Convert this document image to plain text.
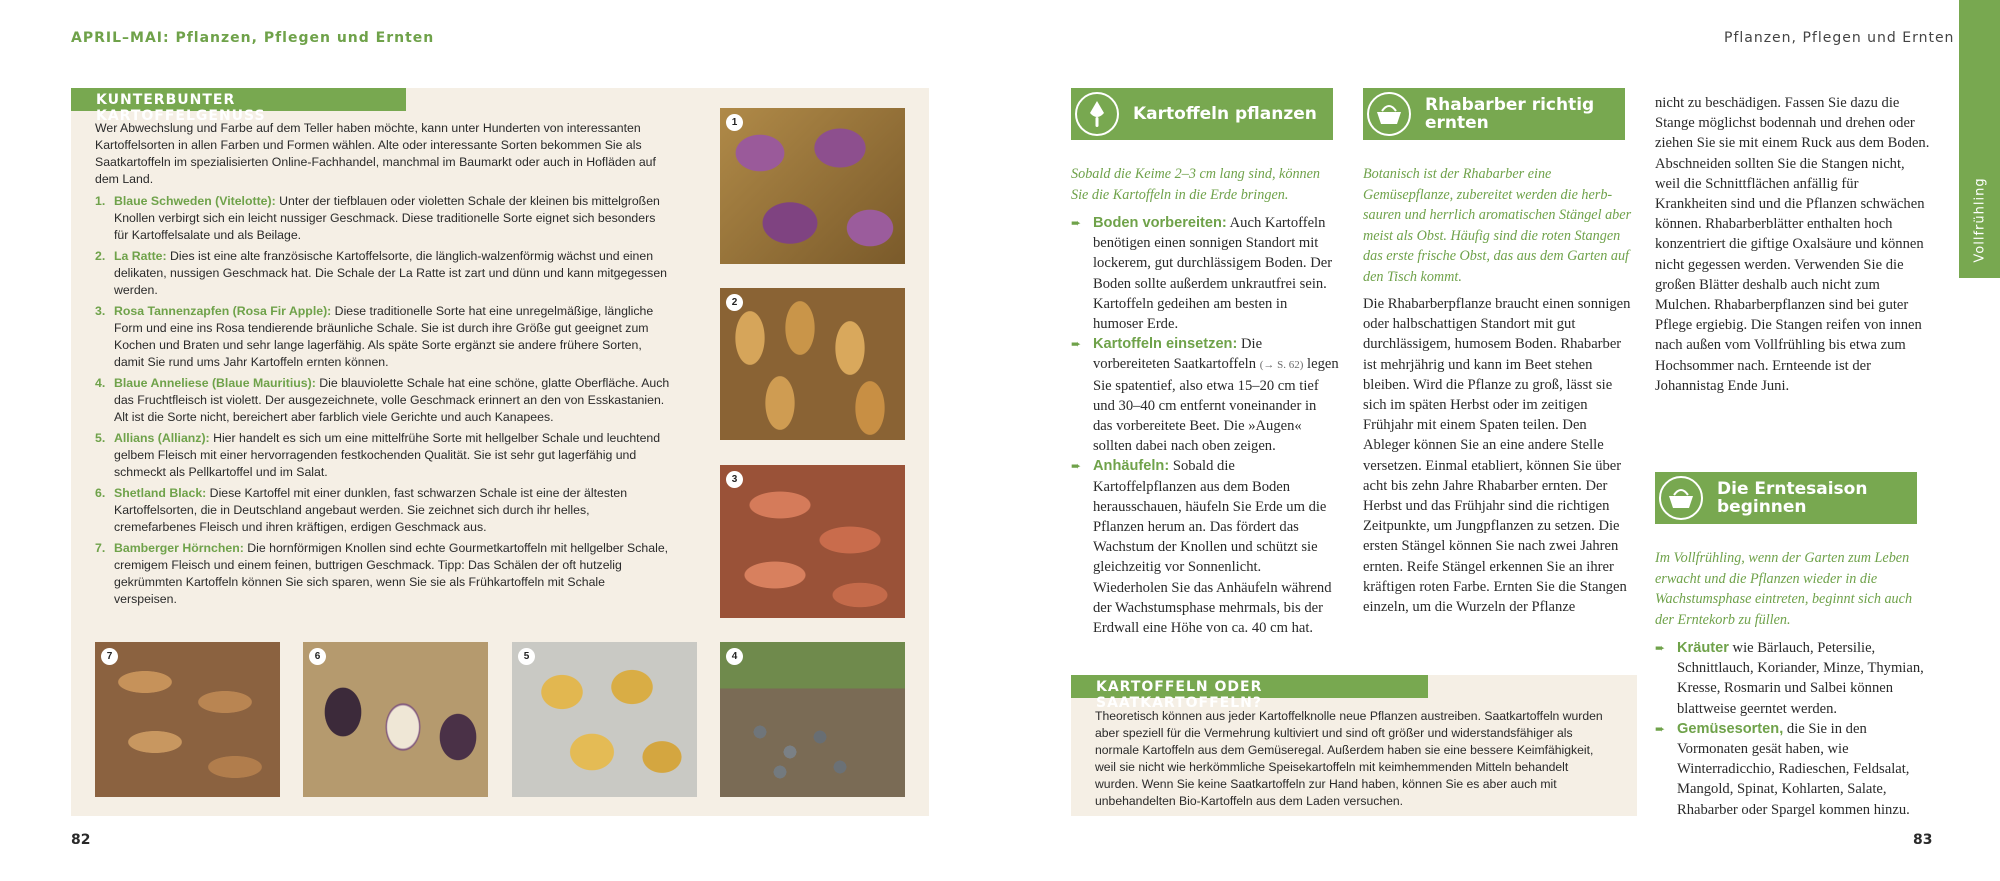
APRIL–MAI: Pflanzen, Pflegen und Ernten
KUNTERBUNTER KARTOFFELGENUSS

Wer Abwechslung und Farbe auf dem Teller haben möchte, kann unter Hunderten von interessanten Kartoffelsorten in allen Farben und Formen wählen. Alte oder interessante Sorten bekommen Sie als Saatkartoffeln im spezialisierten Online-Fachhandel, manchmal im Baumarkt oder auch in Hofläden auf dem Land.

1. Blaue Schweden (Vitelotte): Unter der tiefblauen oder violetten Schale der kleinen bis mittelgroßen Knollen verbirgt sich ein leicht nussiger Geschmack. Diese traditionelle Sorte eignet sich besonders für Kartoffelsalate und als Beilage.
2. La Ratte: Dies ist eine alte französische Kartoffelsorte, die länglich-walzenförmig wächst und einen delikaten, nussigen Geschmack hat. Die Schale der La Ratte ist zart und dünn und kann mitgegessen werden.
3. Rosa Tannenzapfen (Rosa Fir Apple): Diese traditionelle Sorte hat eine unregelmäßige, längliche Form und eine ins Rosa tendierende bräunliche Schale. Sie ist durch ihre Größe gut geeignet zum Kochen und Braten und sehr lange lagerfähig. Als späte Sorte ergänzt sie andere frühere Sorten, damit Sie rund ums Jahr Kartoffeln ernten können.
4. Blaue Anneliese (Blaue Mauritius): Die blauviolette Schale hat eine schöne, glatte Oberfläche. Auch das Fruchtfleisch ist violett. Der ausgezeichnete, volle Geschmack erinnert an den von Esskastanien. Alt ist die Sorte nicht, bereichert aber farblich viele Gerichte und auch Kanapees.
5. Allians (Allianz): Hier handelt es sich um eine mittelfrühe Sorte mit hellgelber Schale und leuchtend gelbem Fleisch mit einer hervorragenden festkochenden Qualität. Sie ist sehr gut lagerfähig und schmeckt als Pellkartoffel und im Salat.
6. Shetland Black: Diese Kartoffel mit einer dunklen, fast schwarzen Schale ist eine der ältesten Kartoffelsorten, die in Deutschland angebaut werden. Sie zeichnet sich durch ihr helles, cremefarbenes Fleisch und ihren kräftigen, erdigen Geschmack aus.
7. Bamberger Hörnchen: Die hornförmigen Knollen sind echte Gourmetkartoffeln mit hellgelber Schale, cremigem Fleisch und einem feinen, buttrigen Geschmack. Tipp: Das Schälen der oft hutzelig gekrümmten Kartoffeln können Sie sich sparen, wenn Sie sie als Frühkartoffeln mit Schale verspeisen.
1
2
3
4
5
6
7
82
Pflanzen, Pflegen und Ernten
Vollfrühling
Kartoffeln pflanzen

Sobald die Keime 2–3 cm lang sind, können Sie die Kartoffeln in die Erde bringen.

➨ Boden vorbereiten: Auch Kartoffeln benötigen einen sonnigen Standort mit lockerem, gut durchlässigem Boden. Der Boden sollte außerdem unkrautfrei sein. Kartoffeln gedeihen am besten in humoser Erde.

➨ Kartoffeln einsetzen: Die vorbereiteten Saatkartoffeln (→ S. 62) legen Sie spatentief, also etwa 15–20 cm tief und 30–40 cm entfernt voneinander in das vorbereitete Beet. Die »Augen« sollten dabei nach oben zeigen.

➨ Anhäufeln: Sobald die Kartoffelpflanzen aus dem Boden herausschauen, häufeln Sie Erde um die Pflanzen herum an. Das fördert das Wachstum der Knollen und schützt sie gleichzeitig vor Sonnenlicht. Wiederholen Sie das Anhäufeln während der Wachstumsphase mehrmals, bis der Erdwall eine Höhe von ca. 40 cm hat.

Rhabarber richtig ernten

Botanisch ist der Rhabarber eine Gemüsepflanze, zubereitet werden die herb-sauren und herrlich aromatischen Stängel aber meist als Obst. Häufig sind die roten Stangen das erste frische Obst, das aus dem Garten auf den Tisch kommt.

Die Rhabarberpflanze braucht einen sonnigen oder halbschattigen Standort mit gut durchlässigem, humosem Boden. Rhabarber ist mehrjährig und kann im Beet stehen bleiben. Wird die Pflanze zu groß, lässt sie sich im späten Herbst oder im zeitigen Frühjahr mit einem Spaten teilen. Den Ableger können Sie an eine andere Stelle versetzen. Einmal etabliert, können Sie über acht bis zehn Jahre Rhabarber ernten. Der Herbst und das Frühjahr sind die richtigen Zeitpunkte, um Jungpflanzen zu setzen. Die ersten Stängel können Sie nach zwei Jahren ernten. Reife Stängel erkennen Sie an ihrer kräftigen roten Farbe. Ernten Sie die Stangen einzeln, um die Wurzeln der Pflanze

nicht zu beschädigen. Fassen Sie dazu die Stange möglichst bodennah und drehen oder ziehen Sie sie mit einem Ruck aus dem Boden. Abschneiden sollten Sie die Stangen nicht, weil die Schnittflächen anfällig für Krankheiten sind und die Pflanzen schwächen können. Rhabarberblätter enthalten hoch konzentriert die giftige Oxalsäure und können nicht gegessen werden. Verwenden Sie die großen Blätter deshalb auch nicht zum Mulchen. Rhabarberpflanzen sind bei guter Pflege ergiebig. Die Stangen reifen von innen nach außen vom Vollfrühling bis etwa zum Hochsommer nach. Ernteende ist der Johannistag Ende Juni.

Die Erntesaison beginnen

Im Vollfrühling, wenn der Garten zum Leben erwacht und die Pflanzen wieder in die Wachstumsphase eintreten, beginnt sich auch der Erntekorb zu füllen.

➨ Kräuter wie Bärlauch, Petersilie, Schnittlauch, Koriander, Minze, Thymian, Kresse, Rosmarin und Salbei können blattweise geerntet werden.

➨ Gemüsesorten, die Sie in den Vormonaten gesät haben, wie Winterradicchio, Radieschen, Feldsalat, Mangold, Spinat, Kohlarten, Salate, Rhabarber oder Spargel kommen hinzu.

KARTOFFELN ODER SAATKARTOFFELN?

Theoretisch können aus jeder Kartoffelknolle neue Pflanzen austreiben. Saatkartoffeln wurden aber speziell für die Vermehrung kultiviert und sind oft größer und widerstandsfähiger als normale Kartoffeln aus dem Gemüseregal. Außerdem haben sie eine bessere Keimfähigkeit, weil sie nicht wie herkömmliche Speisekartoffeln mit keimhemmenden Mitteln behandelt wurden. Wenn Sie keine Saatkartoffeln zur Hand haben, können Sie es aber auch mit unbehandelten Bio-Kartoffeln aus dem Laden versuchen.

83
